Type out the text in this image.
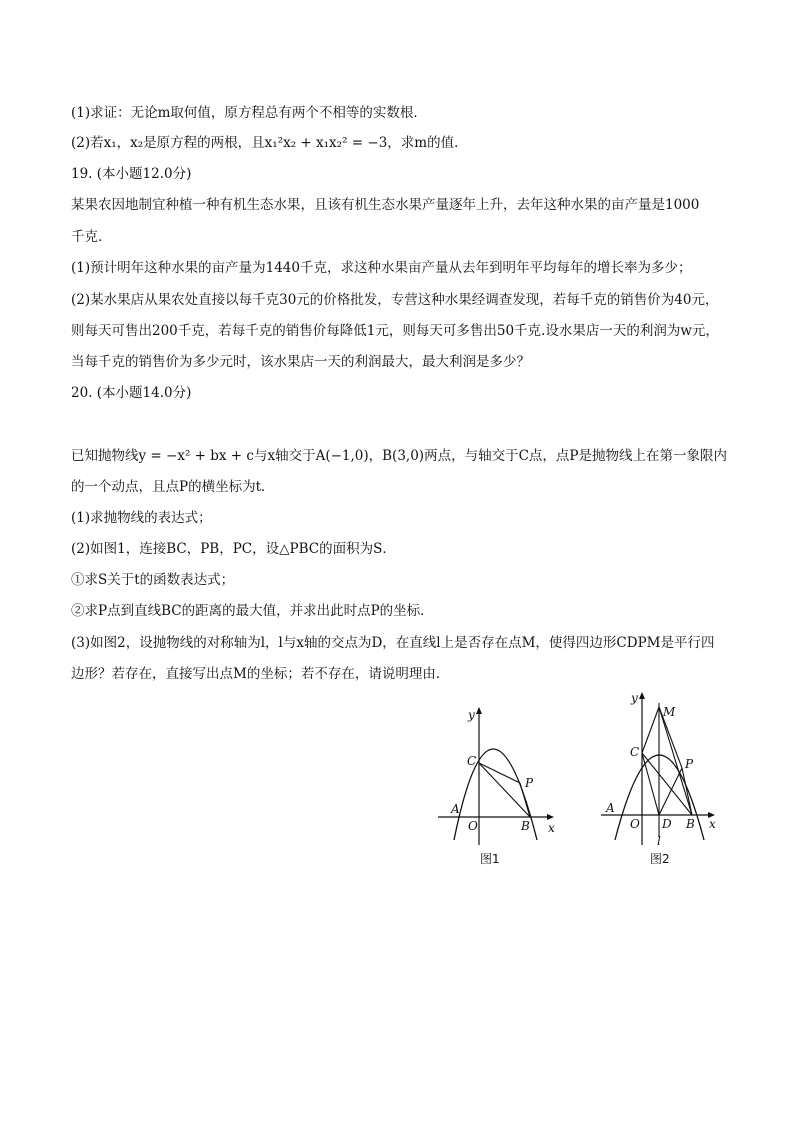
(1)求证：无论m取何值，原方程总有两个不相等的实数根．
(2)若x₁，x₂是原方程的两根，且x₁²x₂ + x₁x₂² = −3，求m的值．
19. (本小题12.0分)
某果农因地制宜种植一种有机生态水果，且该有机生态水果产量逐年上升，去年这种水果的亩产量是1000
千克．
(1)预计明年这种水果的亩产量为1440千克，求这种水果亩产量从去年到明年平均每年的增长率为多少；
(2)某水果店从果农处直接以每千克30元的价格批发，专营这种水果经调查发现，若每千克的销售价为40元，
则每天可售出200千克，若每千克的销售价每降低1元，则每天可多售出50千克.设水果店一天的利润为w元，
当每千克的销售价为多少元时，该水果店一天的利润最大，最大利润是多少？
20. (本小题14.0分)
已知抛物线y = −x² + bx + c与x轴交于A(−1,0)，B(3,0)两点，与轴交于C点，点P是抛物线上在第一象限内
的一个动点，且点P的横坐标为t．
(1)求抛物线的表达式；
(2)如图1，连接BC，PB，PC，设△PBC的面积为S．
①求S关于t的函数表达式；
②求P点到直线BC的距离的最大值，并求出此时点P的坐标．
(3)如图2，设抛物线的对称轴为l，l与x轴的交点为D，在直线l上是否存在点M，使得四边形CDPM是平行四
边形？若存在，直接写出点M的坐标；若不存在，请说明理由．
y
x
C
P
A
O	B
图1
y
M
C
P
A
O D B x
l
图2
